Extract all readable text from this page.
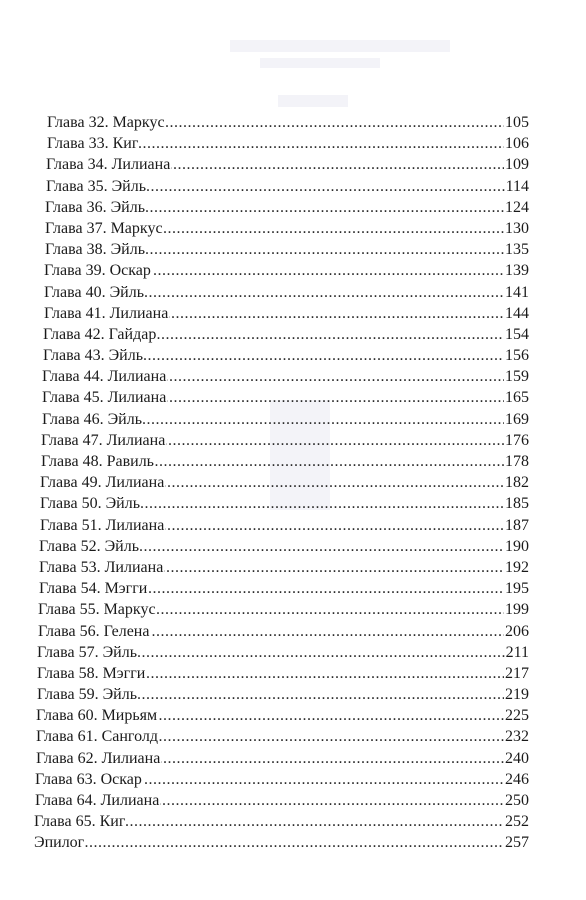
.....
Глава 32. Маркус	105
.....
Глава 33. Киг	106
.....
Глава 34. Лилиана	109
.....
Глава 35. Эйль	114
.....
Глава 36. Эйль	124
.....
Глава 37. Маркус	130
.....
Глава 38. Эйль	135
.....
Глава 39. Оскар	139
.....
Глава 40. Эйль	141
.....
Глава 41. Лилиана	144
.....
Глава 42. Гайдар	154
.....
Глава 43. Эйль	156
.....
Глава 44. Лилиана	159
.....
Глава 45. Лилиана	165
.....
Глава 46. Эйль	169
.....
Глава 47. Лилиана	176
.....
Глава 48. Равиль	178
.....
Глава 49. Лилиана	182
.....
Глава 50. Эйль	185
.....
Глава 51. Лилиана	187
.....
Глава 52. Эйль	190
.....
Глава 53. Лилиана	192
.....
Глава 54. Мэгги	195
.....
Глава 55. Маркус	199
.....
Глава 56. Гелена	206
.....
Глава 57. Эйль	211
.....
Глава 58. Мэгги	217
.....
Глава 59. Эйль	219
.....
Глава 60. Мирьям	225
.....
Глава 61. Санголд	232
.....
Глава 62. Лилиана	240
.....
Глава 63. Оскар	246
.....
Глава 64. Лилиана	250
.....
Глава 65. Киг	252
.....
Эпилог	257
